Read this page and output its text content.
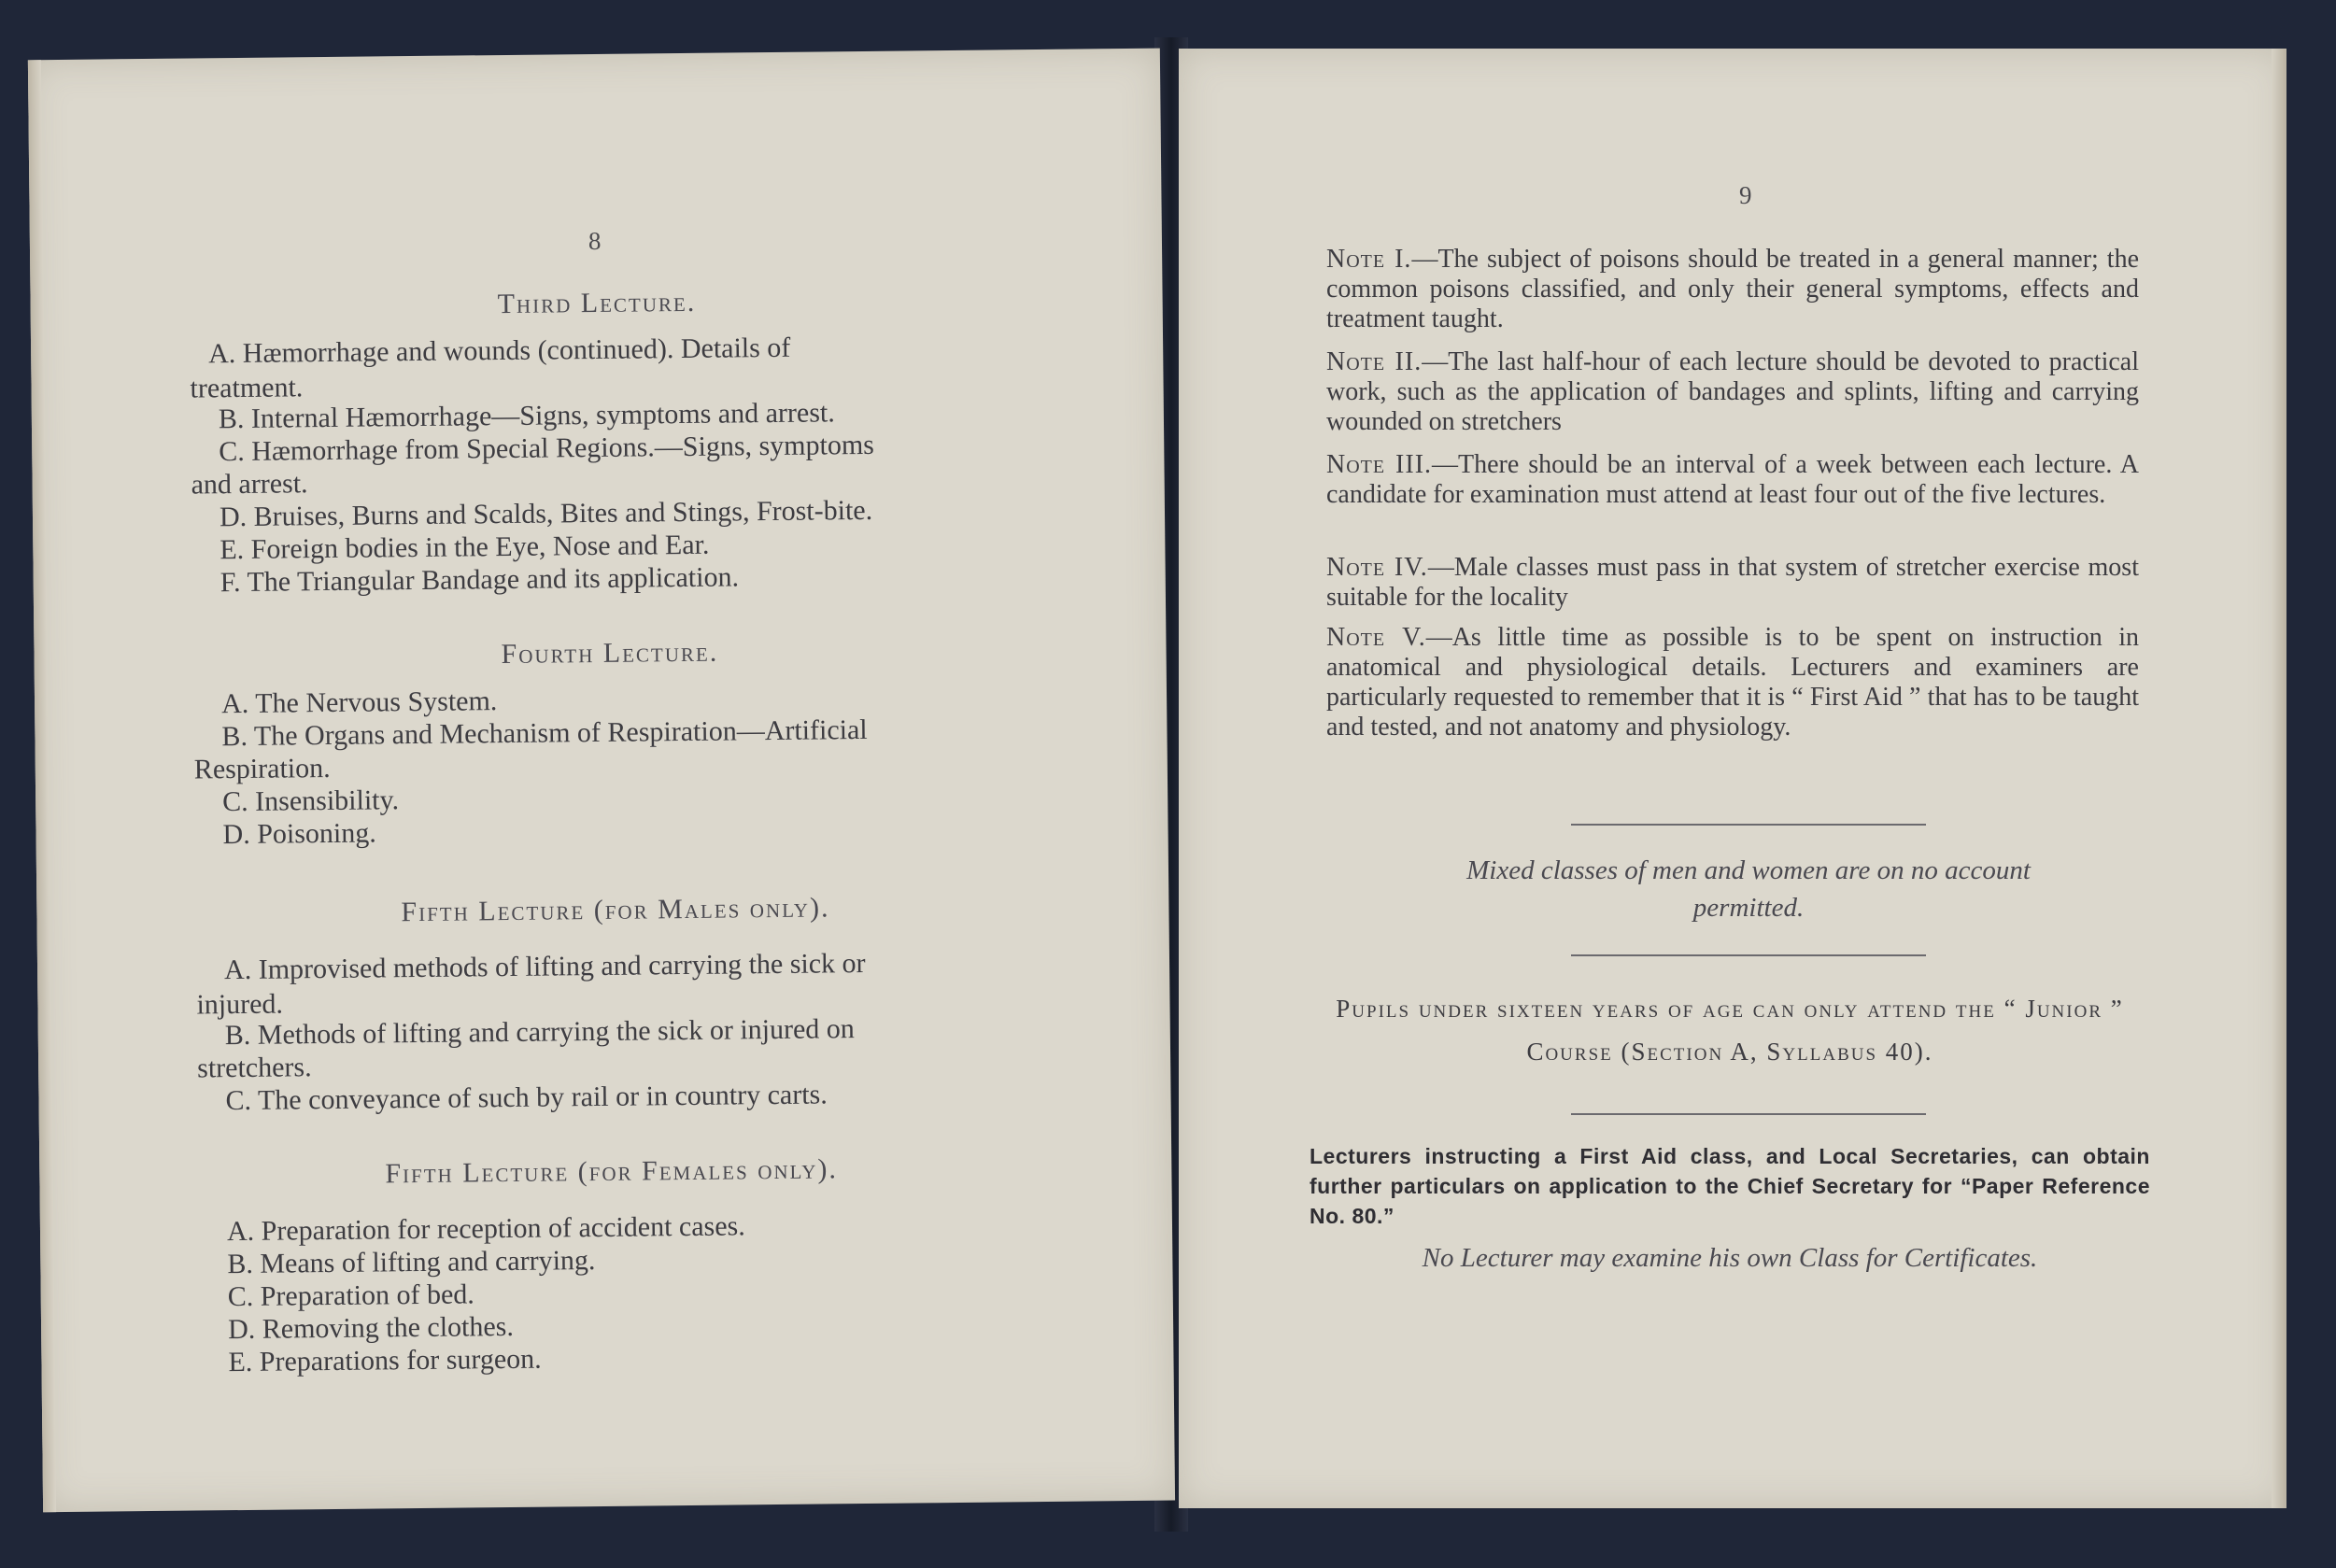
8
Third Lecture.
A. Hæmorrhage and wounds (continued). Details of
treatment.
B. Internal Hæmorrhage—Signs, symptoms and arrest.
C. Hæmorrhage from Special Regions.—Signs, symptoms
and arrest.
D. Bruises, Burns and Scalds, Bites and Stings, Frost-bite.
E. Foreign bodies in the Eye, Nose and Ear.
F. The Triangular Bandage and its application.
Fourth Lecture.
A. The Nervous System.
B. The Organs and Mechanism of Respiration—Artificial
Respiration.
C. Insensibility.
D. Poisoning.
Fifth Lecture (for Males only).
A. Improvised methods of lifting and carrying the sick or
injured.
B. Methods of lifting and carrying the sick or injured on
stretchers.
C. The conveyance of such by rail or in country carts.
Fifth Lecture (for Females only).
A. Preparation for reception of accident cases.
B. Means of lifting and carrying.
C. Preparation of bed.
D. Removing the clothes.
E. Preparations for surgeon.
9
Note I.—The subject of poisons should be treated in a general manner; the common poisons classified, and only their general symptoms, effects and treatment taught.
Note II.—The last half-hour of each lecture should be devoted to practical work, such as the application of bandages and splints, lifting and carrying wounded on stretchers
Note III.—There should be an interval of a week between each lecture. A candidate for examination must attend at least four out of the five lectures.
Note IV.—Male classes must pass in that system of stretcher exercise most suitable for the locality
Note V.—As little time as possible is to be spent on instruction in anatomical and physiological details. Lecturers and examiners are particularly requested to remember that it is “ First Aid ” that has to be taught and tested, and not anatomy and physiology.
Mixed classes of men and women are on no account permitted.
Pupils under sixteen years of age can only attend the “ Junior ” Course (Section A, Syllabus 40).
Lecturers instructing a First Aid class, and Local Secretaries, can obtain further particulars on application to the Chief Secretary for “Paper Reference No. 80.”
No Lecturer may examine his own Class for Certificates.
